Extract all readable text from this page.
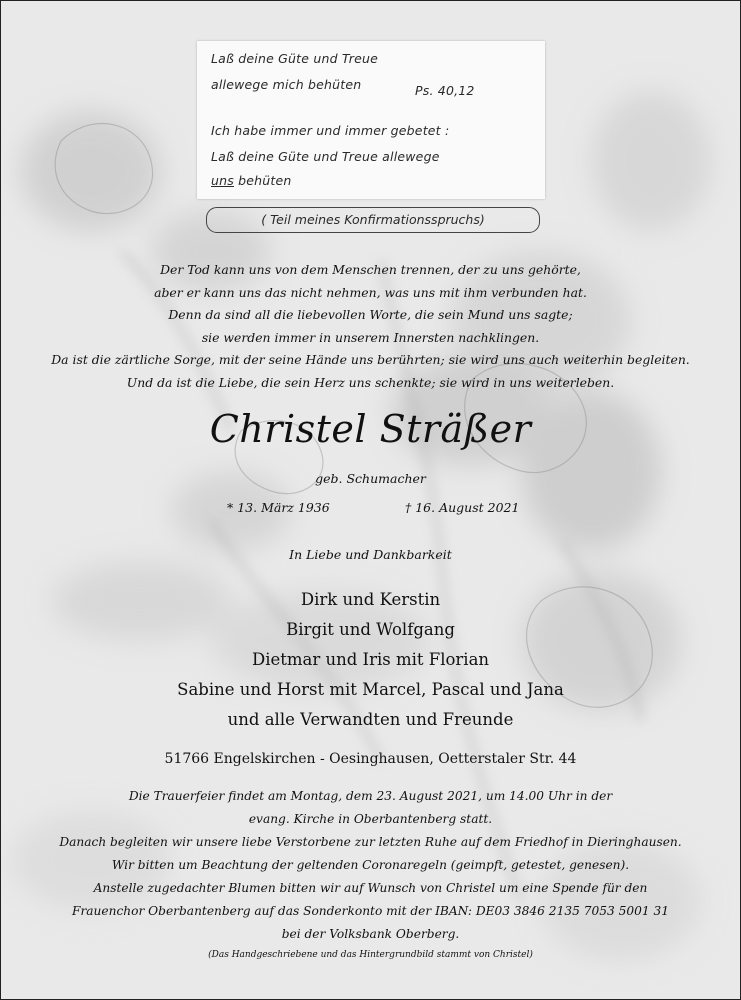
Laß deine Güte und Treue
allewege mich behüten	Ps. 40,12
Ich habe immer und immer gebetet :
Laß deine Güte und Treue allewege
uns behüten
( Teil meines Konfirmationsspruchs)
Der Tod kann uns von dem Menschen trennen, der zu uns gehörte,
aber er kann uns das nicht nehmen, was uns mit ihm verbunden hat.
Denn da sind all die liebevollen Worte, die sein Mund uns sagte;
sie werden immer in unserem Innersten nachklingen.
Da ist die zärtliche Sorge, mit der seine Hände uns berührten; sie wird uns auch weiterhin begleiten.
Und da ist die Liebe, die sein Herz uns schenkte; sie wird in uns weiterleben.
Christel Sträßer
geb. Schumacher
* 13. März 1936	† 16. August 2021
In Liebe und Dankbarkeit
Dirk und Kerstin
Birgit und Wolfgang
Dietmar und Iris mit Florian
Sabine und Horst mit Marcel, Pascal und Jana
und alle Verwandten und Freunde
51766 Engelskirchen - Oesinghausen, Oetterstaler Str. 44
Die Trauerfeier findet am Montag, dem 23. August 2021, um 14.00 Uhr in der
evang. Kirche in Oberbantenberg statt.
Danach begleiten wir unsere liebe Verstorbene zur letzten Ruhe auf dem Friedhof in Dieringhausen.
Wir bitten um Beachtung der geltenden Coronaregeln (geimpft, getestet, genesen).
Anstelle zugedachter Blumen bitten wir auf Wunsch von Christel um eine Spende für den
Frauenchor Oberbantenberg auf das Sonderkonto mit der IBAN: DE03 3846 2135 7053 5001 31
bei der Volksbank Oberberg.
(Das Handgeschriebene und das Hintergrundbild stammt von Christel)
